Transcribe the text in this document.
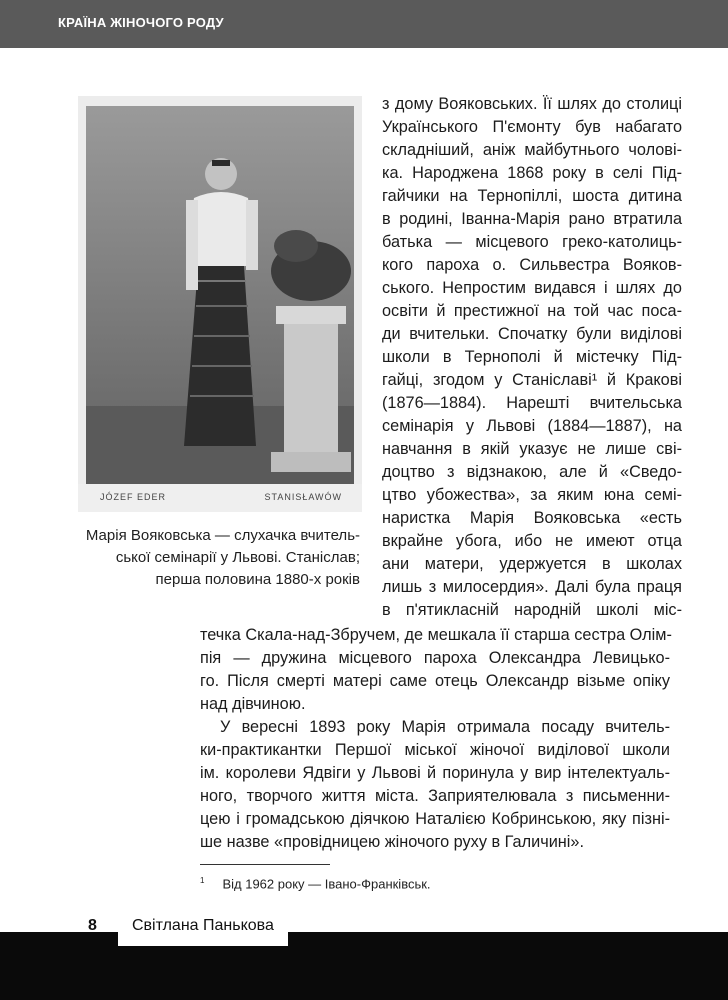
КРАЇНА ЖІНОЧОГО РОДУ
JÓZEF EDER	STANISŁAWÓW
Марія Вояковська — слухачка вчитель-
ської семінарії у Львові. Станіслав;
перша половина 1880-х років
з дому Вояковських. Її шлях до столиці
Українського П'ємонту був набагато
складніший, аніж майбутнього чолові-
ка. Народжена 1868 року в селі Під-
гайчики на Тернопіллі, шоста дитина
в родині, Іванна-Марія рано втратила
батька — місцевого греко-католиць-
кого пароха о. Сильвестра Вояков-
ського. Непростим видався і шлях до
освіти й престижної на той час поса-
ди вчительки. Спочатку були виділові
школи в Тернополі й містечку Під-
гайці, згодом у Станіславі¹ й Кракові
(1876—1884). Нарешті вчительська
семінарія у Львові (1884—1887), на
навчання в якій указує не лише сві-
доцтво з відзнакою, але й «Сведо-
цтво убожества», за яким юна семі-
наристка Марія Вояковська «есть
вкрайне убога, ибо не имеют отца
ани матери, удержуется в школах
лишь з милосердия». Далі була праця
в п'ятикласній народній школі міс-
течка Скала-над-Збручем, де мешкала її старша сестра Олім-
пія — дружина місцевого пароха Олександра Левицько-
го. Після смерті матері саме отець Олександр візьме опіку
над дівчиною.
У вересні 1893 року Марія отримала посаду вчитель-
ки-практикантки Першої міської жіночої виділової школи
ім. королеви Ядвіги у Львові й поринула у вир інтелектуаль-
ного, творчого життя міста. Заприятелювала з письменни-
цею і громадською діячкою Наталією Кобринською, яку пізні-
ше назве «провідницею жіночого руху в Галичині».
$^1$ Від 1962 року — Івано-Франківськ.
8 Світлана Панькова
